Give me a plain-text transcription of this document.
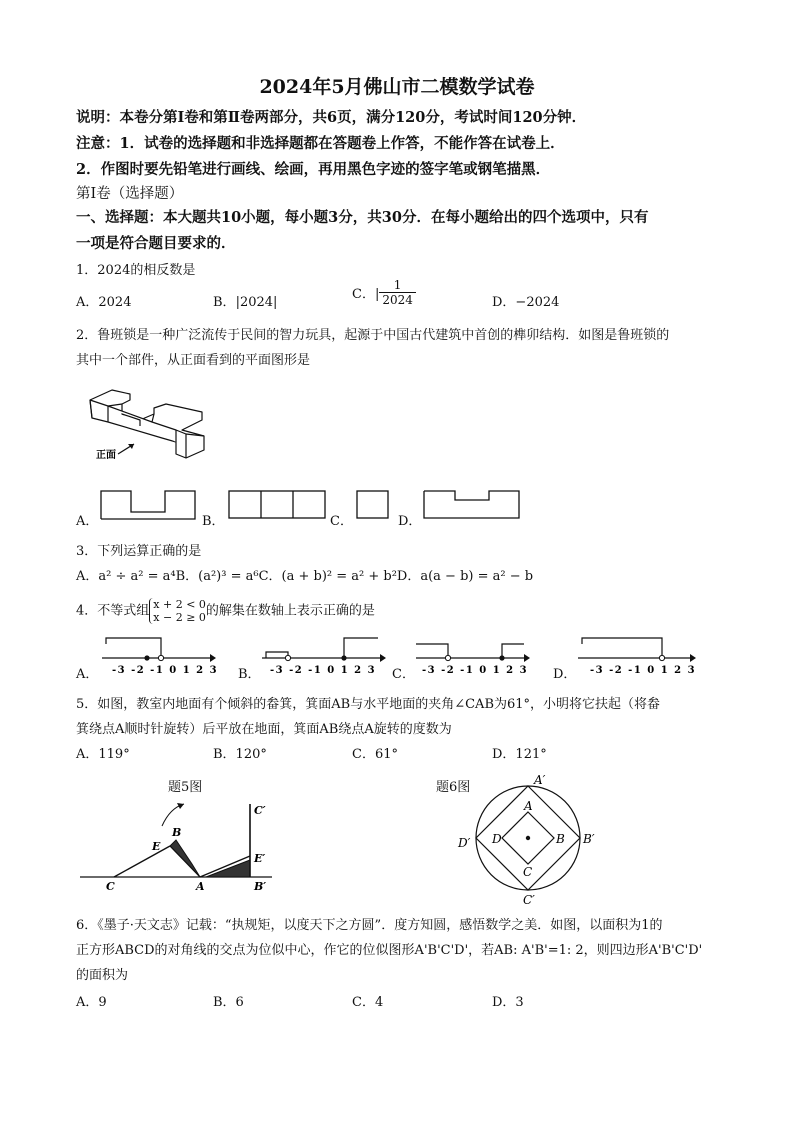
2024年5月佛山市二模数学试卷
说明：本卷分第Ⅰ卷和第Ⅱ卷两部分，共6页，满分120分，考试时间120分钟．
注意：1．试卷的选择题和非选择题都在答题卷上作答，不能作答在试卷上．
2．作图时要先铅笔进行画线、绘画，再用黑色字迹的签字笔或钢笔描黑．
第Ⅰ卷（选择题）
一、选择题：本大题共10小题，每小题3分，共30分．在每小题给出的四个选项中，只有
一项是符合题目要求的．
1．2024的相反数是
A．2024	B．|2024|
C．| $\frac{1}{2024}$	D．−2024
2．鲁班锁是一种广泛流传于民间的智力玩具，起源于中国古代建筑中首创的榫卯结构．如图是鲁班锁的
其中一个部件，从正面看到的平面图形是
正面
A．	B．	C．	D．
3．下列运算正确的是
A．a² ÷ a² = a⁴B．(a²)³ = a⁶C．(a + b)² = a² + b²D．a(a − b) = a² − b
4．不等式组 x + 2 < 0
x − 2 ≥ 0 的解集在数轴上表示正确的是
A． -3 -2 -1 0 1 2 3 B． -3 -2 -1 0 1 2 3 C． -3 -2 -1 0 1 2 3 D． -3 -2 -1 0 1 2 3
5．如图，教室内地面有个倾斜的畚箕，箕面AB与水平地面的夹角∠CAB为61°，小明将它扶起（将畚
箕绕点A顺时针旋转）后平放在地面，箕面AB绕点A旋转的度数为
A．119°	B．120°	C．61°	D．121°
题5图
C	A
B
E
C′
E′
B′
题6图	A′
A
B B′
C
C′
D
D′
6．《墨子·天文志》记载：“执规矩，以度天下之方圆”．度方知圆，感悟数学之美．如图，以面积为1的
正方形ABCD的对角线的交点为位似中心，作它的位似图形A'B'C'D'，若AB: A'B'=1: 2，则四边形A'B'C'D'
的面积为
A．9	B．6	C．4	D．3
